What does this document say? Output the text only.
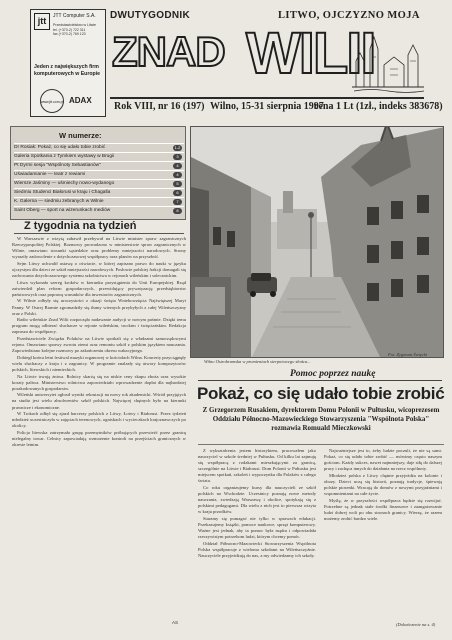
jtt	JTT Computer S.A.
Przedstawicielstwo w Litwie
tel. (+370-2) 722 311
fax (+370-2) 769 123
Jeden z największych firm komputerowych w Europie
www.jtt.com.pl ADAX
DWUTYGODNIK	LITWO, OJCZYZNO MOJA
ZNAD WILII
Rok VIII, nr 16 (197) Wilno, 15-31 sierpnia 1997
cena 1 Lt (1zł., indeks 383678)
W numerze:
Dr Rosiak: Pokaż, co się udało tobie zrobić	1-2
Galeria Spotkania z Tymkiem wystawy w Brugii	3
Pt Dyrmi sesja "Wspólnoty Sebastianów"	4
Uświadamianie — teatr z rewiami	4
Wiersze Jaśminy — uśmiechy nowo-wydanego	5
Siedmiu Studenci Białorusi w kraju i Chagalla	6
K. Galerna — siedmiu zebranych w Wilnie	7
Saint Oberg — sport na wizerunkach mediów	8
Z tygodnia na tydzień

W Warszawie z wizytą zabawił przebywał na Litwie minister spraw zagranicznych Rzeczypospolitej Polskiej. Rozmowy prowadzono w ministerstwie spraw zagranicznych w Wilnie, omawiano stosunki sąsiedzkie oraz problemy mniejszości narodowych. Strony wyraziły zadowolenie z dotychczasowej współpracy oraz planów na przyszłość.

Sejm Litwy uchwalił ustawę o oświacie, w której zapisano prawo do nauki w języku ojczystym dla dzieci ze szkół mniejszości narodowych. Posłowie polskiej frakcji domagali się zachowania dotychczasowego systemu szkolnictwa w rejonach wileńskim i solecznickim.

Litwa wykonała szereg kroków w kierunku przystąpienia do Unii Europejskiej. Rząd zatwierdził plan reform gospodarczych, przewidujący prywatyzację przedsiębiorstw państwowych oraz poprawę warunków dla inwestorów zagranicznych.

W Wilnie odbyły się uroczystości z okazji święta Wniebowzięcia Najświętszej Maryi Panny. W Ostrej Bramie zgromadziły się tłumy wiernych przybyłych z całej Wileńszczyzny oraz z Polski.

Radio wileńskie Znad Wilii rozpoczęło nadawanie audycji w nowym paśmie. Dzięki temu program mogą odbierać słuchacze w rejonie wileńskim, trockim i święciańskim. Redakcja zaprasza do współpracy.

Przedstawiciele Związku Polaków na Litwie spotkali się z władzami samorządowymi rejonu. Omawiano sprawy zwrotu ziemi oraz remontu szkół z polskim językiem nauczania. Zapowiedziano kolejne rozmowy po zakończeniu okresu wakacyjnego.

Dobiegł końca letni festiwal muzyki organowej w kościołach Wilna. Koncerty przyciągnęły wielu słuchaczy z kraju i z zagranicy. W programie znalazły się utwory kompozytorów polskich, litewskich i niemieckich.

Na Litwie trwają żniwa. Rolnicy skarżą się na niskie ceny skupu zboża oraz wysokie koszty paliwa. Ministerstwo rolnictwa zapowiedziało wprowadzenie dopłat dla najbardziej poszkodowanych gospodarstw.

Wileński uniwersytet ogłosił wyniki rekrutacji na nowy rok akademicki. Wśród przyjętych na studia jest wielu absolwentów szkół polskich. Najwięcej chętnych było na kierunki prawnicze i ekonomiczne.

W Trokach odbył się zjazd harcerzy polskich z Litwy, Łotwy i Białorusi. Przez tydzień młodzież uczestniczyła w zajęciach terenowych, ogniskach i wycieczkach krajoznawczych po okolicy.

Policja litewska zatrzymała grupę przemytników próbujących przewieźć przez granicę nielegalny towar. Celnicy zapowiadają wzmożenie kontroli na przejściach granicznych w okresie letnim.

AS
Fot. Zygmunt Święcki
Wilno Ostrobramska w promieniach sierpniowego słońca...
Pomoc poprzez naukę
Pokaż, co się udało tobie zrobić
Z Grzegorzem Rusakiem, dyrektorem Domu Polonii w Pułtusku, wicoprezesem Oddziału Północno-Mazowieckiego Stowarzyszenia "Wspólnota Polska" rozmawia Romuald Mieczkowski

Z wykształcenia jestem historykiem, pracowałem jako nauczyciel w szkole średniej w Pułtusku. Od kilku lat zajmuję się współpracą z rodakami mieszkającymi za granicą, szczególnie na Litwie i Białorusi. Dom Polonii w Pułtusku jest miejscem spotkań, szkoleń i wypoczynku dla Polaków z całego świata.

Co roku organizujemy kursy dla nauczycieli ze szkół polskich na Wschodzie. Uczestnicy poznają nowe metody nauczania, zwiedzają Warszawę i okolice, spotykają się z polskimi pedagogami. Dla wielu z nich jest to pierwsza wizyta w kraju przodków.

Staramy się pomagać nie tylko w sprawach edukacji. Przekazujemy książki, pomoce naukowe, sprzęt komputerowy. Ważne jest jednak, aby ta pomoc była mądra i odpowiadała rzeczywistym potrzebom ludzi, którym chcemy pomóc.

Oddział Północno-Mazowiecki Stowarzyszenia Wspólnota Polska współpracuje z wieloma szkołami na Wileńszczyźnie. Nauczyciele przyjeżdżają do nas, a my odwiedzamy ich szkoły.

Najważniejsze jest to, żeby ludzie poczuli, że nie są sami. Pokaż, co się udało tobie zrobić — mówimy często naszym gościom. Każdy sukces, nawet najmniejszy, daje siłę do dalszej pracy i zachęca innych do działania na rzecz wspólnoty.

Młodzież polska z Litwy chętnie przyjeżdża na kolonie i obozy. Dzieci uczą się historii, poznają tradycje, śpiewają polskie piosenki. Wracają do domów z nowymi przyjaźniami i wspomnieniami na całe życie.

Myślę, że w przyszłości współpraca będzie się rozwijać. Potrzebne są jednak stałe środki finansowe i zaangażowanie ludzi dobrej woli po obu stronach granicy. Wierzę, że razem możemy zrobić bardzo wiele.

(Dokończenie na s. 4)
